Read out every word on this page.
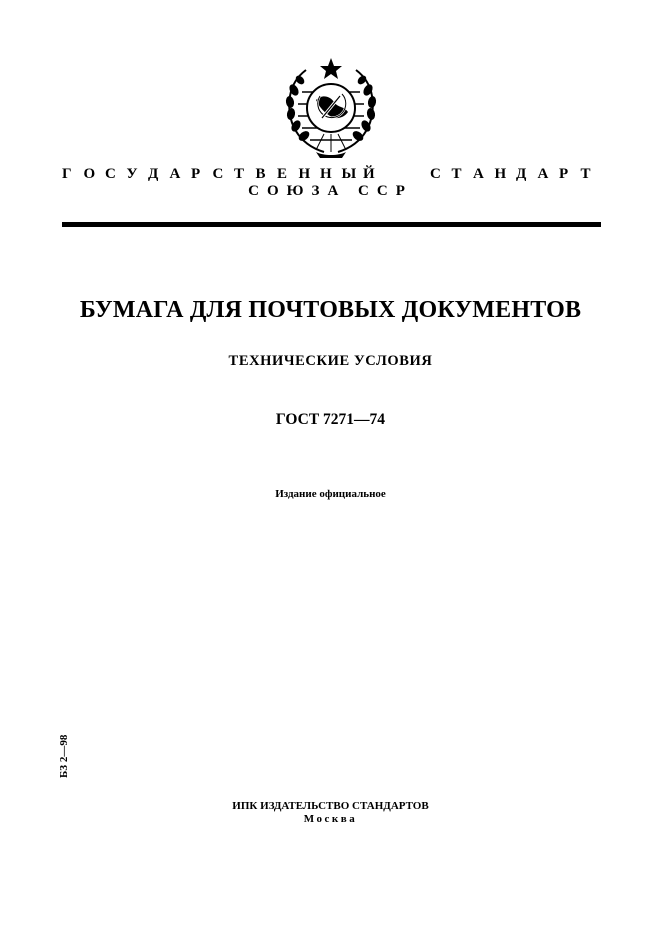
Г О С У Д А Р С Т В Е Н Н Ы Й	С Т А Н Д А Р Т
СОЮЗА ССР
БУМАГА ДЛЯ ПОЧТОВЫХ ДОКУМЕНТОВ
ТЕХНИЧЕСКИЕ УСЛОВИЯ
ГОСТ 7271—74
Издание официальное
БЗ 2—98
ИПК ИЗДАТЕЛЬСТВО СТАНДАРТОВ
Москва
